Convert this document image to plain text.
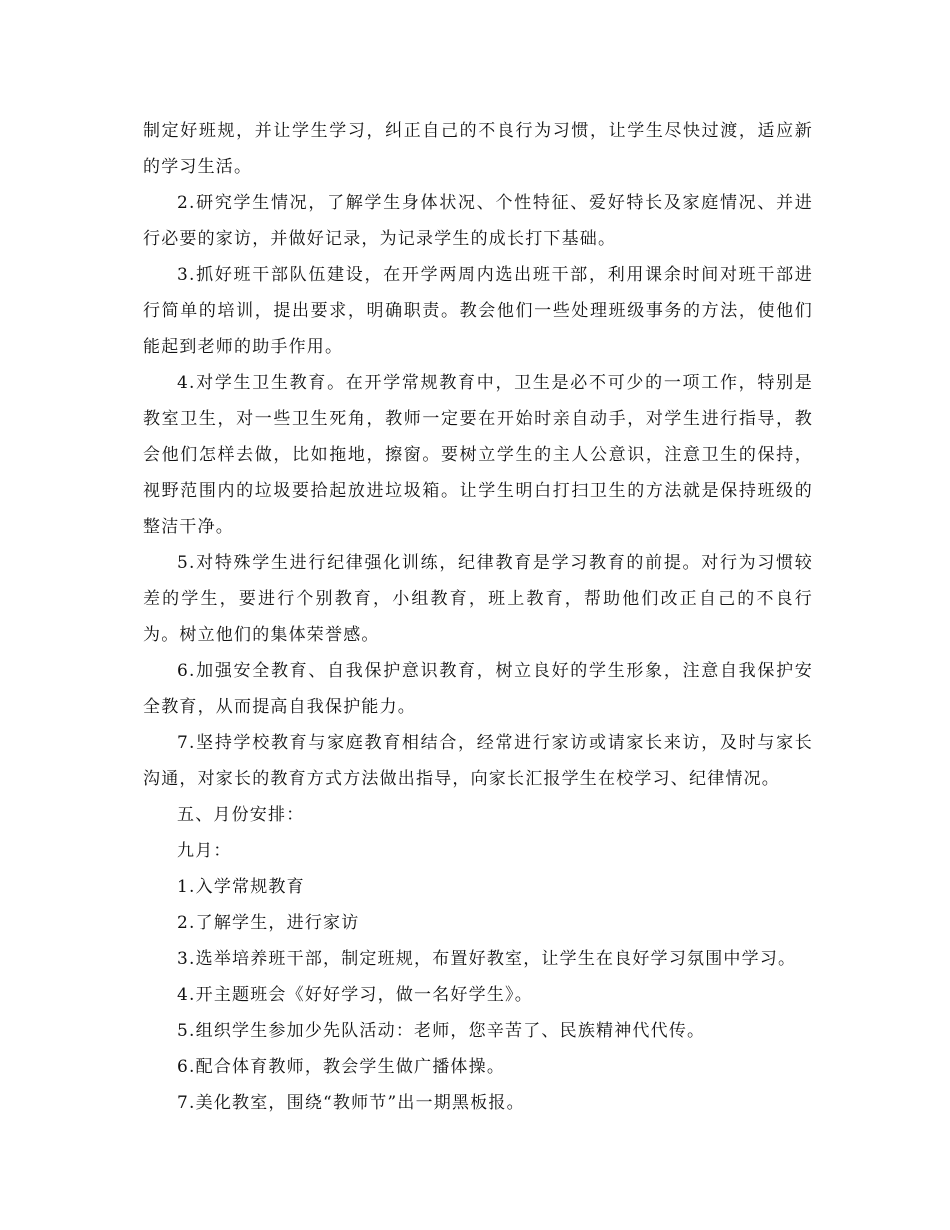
制定好班规，并让学生学习，纠正自己的不良行为习惯，让学生尽快过渡，适应新的学习生活。

2.研究学生情况，了解学生身体状况、个性特征、爱好特长及家庭情况、并进行必要的家访，并做好记录，为记录学生的成长打下基础。

3.抓好班干部队伍建设，在开学两周内选出班干部，利用课余时间对班干部进行简单的培训，提出要求，明确职责。教会他们一些处理班级事务的方法，使他们能起到老师的助手作用。

4.对学生卫生教育。在开学常规教育中，卫生是必不可少的一项工作，特别是教室卫生，对一些卫生死角，教师一定要在开始时亲自动手，对学生进行指导，教会他们怎样去做，比如拖地，擦窗。要树立学生的主人公意识，注意卫生的保持，视野范围内的垃圾要拾起放进垃圾箱。让学生明白打扫卫生的方法就是保持班级的整洁干净。

5.对特殊学生进行纪律强化训练，纪律教育是学习教育的前提。对行为习惯较差的学生，要进行个别教育，小组教育，班上教育，帮助他们改正自己的不良行为。树立他们的集体荣誉感。

6.加强安全教育、自我保护意识教育，树立良好的学生形象，注意自我保护安全教育，从而提高自我保护能力。

7.坚持学校教育与家庭教育相结合，经常进行家访或请家长来访，及时与家长沟通，对家长的教育方式方法做出指导，向家长汇报学生在校学习、纪律情况。

五、月份安排：

九月：

1.入学常规教育

2.了解学生，进行家访

3.选举培养班干部，制定班规，布置好教室，让学生在良好学习氛围中学习。

4.开主题班会《好好学习，做一名好学生》。

5.组织学生参加少先队活动：老师，您辛苦了、民族精神代代传。

6.配合体育教师，教会学生做广播体操。

7.美化教室，围绕“教师节”出一期黑板报。
